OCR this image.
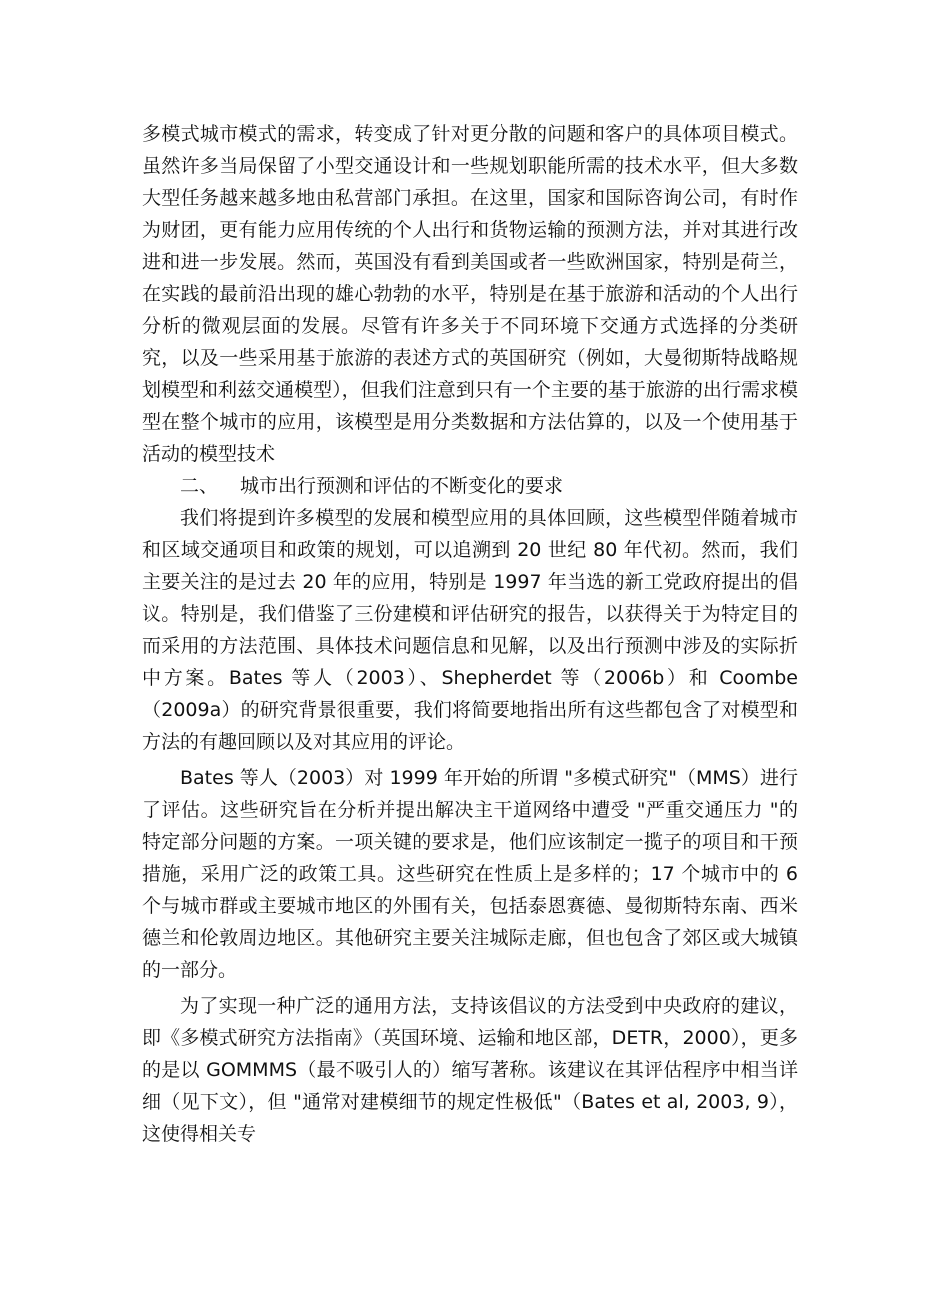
多模式城市模式的需求，转变成了针对更分散的问题和客户的具体项目模式。虽然许多当局保留了小型交通设计和一些规划职能所需的技术水平，但大多数大型任务越来越多地由私营部门承担。在这里，国家和国际咨询公司，有时作为财团，更有能力应用传统的个人出行和货物运输的预测方法，并对其进行改进和进一步发展。然而，英国没有看到美国或者一些欧洲国家，特别是荷兰，在实践的最前沿出现的雄心勃勃的水平，特别是在基于旅游和活动的个人出行分析的微观层面的发展。尽管有许多关于不同环境下交通方式选择的分类研究，以及一些采用基于旅游的表述方式的英国研究（例如，大曼彻斯特战略规划模型和利兹交通模型），但我们注意到只有一个主要的基于旅游的出行需求模型在整个城市的应用，该模型是用分类数据和方法估算的，以及一个使用基于活动的模型技术

二、 城市出行预测和评估的不断变化的要求

我们将提到许多模型的发展和模型应用的具体回顾，这些模型伴随着城市和区域交通项目和政策的规划，可以追溯到 20 世纪 80 年代初。然而，我们主要关注的是过去 20 年的应用，特别是 1997 年当选的新工党政府提出的倡议。特别是，我们借鉴了三份建模和评估研究的报告，以获得关于为特定目的而采用的方法范围、具体技术问题信息和见解，以及出行预测中涉及的实际折中方案。Bates 等人（2003）、Shepherdet 等（2006b）和 Coombe（2009a）的研究背景很重要，我们将简要地指出所有这些都包含了对模型和方法的有趣回顾以及对其应用的评论。

Bates 等人（2003）对 1999 年开始的所谓 "多模式研究"（MMS）进行了评估。这些研究旨在分析并提出解决主干道网络中遭受 "严重交通压力 "的特定部分问题的方案。一项关键的要求是，他们应该制定一揽子的项目和干预措施，采用广泛的政策工具。这些研究在性质上是多样的；17 个城市中的 6 个与城市群或主要城市地区的外围有关，包括泰恩赛德、曼彻斯特东南、西米德兰和伦敦周边地区。其他研究主要关注城际走廊，但也包含了郊区或大城镇的一部分。

为了实现一种广泛的通用方法，支持该倡议的方法受到中央政府的建议，即《多模式研究方法指南》（英国环境、运输和地区部，DETR，2000），更多的是以 GOMMMS（最不吸引人的）缩写著称。该建议在其评估程序中相当详细（见下文），但 "通常对建模细节的规定性极低"（Bates et al, 2003, 9），这使得相关专
